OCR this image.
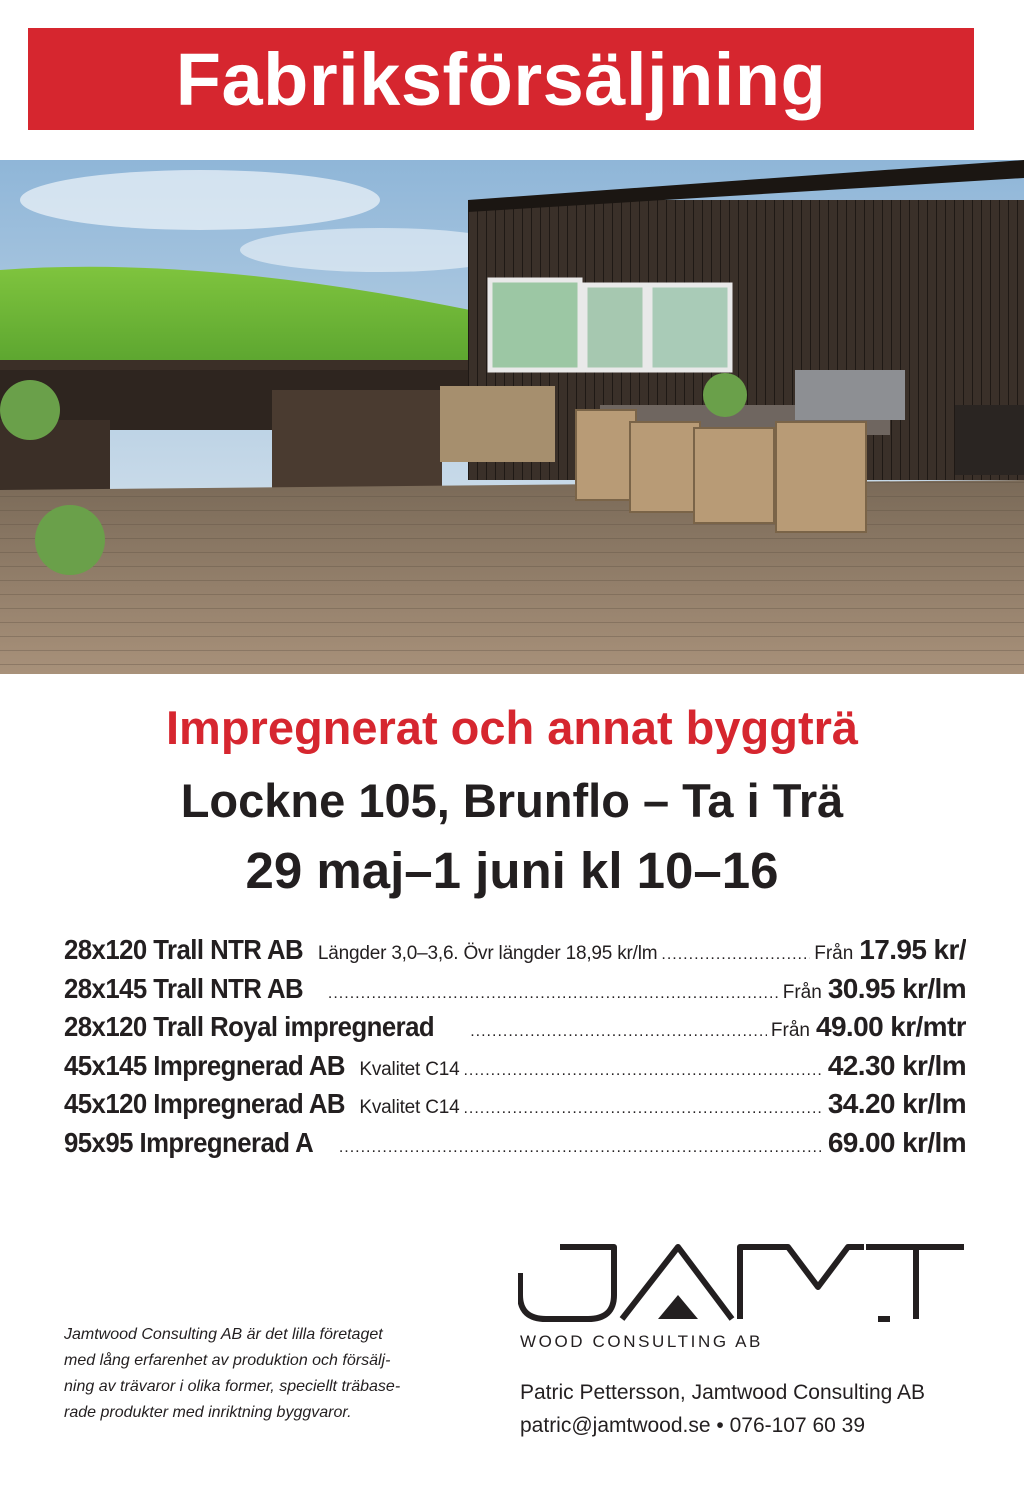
Fabriksförsäljning
Impregnerat och annat byggträ
Lockne 105, Brunflo – Ta i Trä
29 maj–1 juni kl 10–16
28x120 Trall NTR AB Längder 3,0–3,6. Övr längder 18,95 kr/lm .....	Från 17.95 kr/
28x145 Trall NTR AB .....	Från 30.95 kr/lm
28x120 Trall Royal impregnerad .....	Från 49.00 kr/mtr
45x145 Impregnerad AB Kvalitet C14 .....	42.30 kr/lm
45x120 Impregnerad AB Kvalitet C14 .....	34.20 kr/lm
95x95 Impregnerad A .....	69.00 kr/lm
WOOD CONSULTING AB
Patric Pettersson, Jamtwood Consulting AB
patric@jamtwood.se • 076-107 60 39
Jamtwood Consulting AB är det lilla företaget
med lång erfarenhet av produktion och försälj-
ning av trävaror i olika former, speciellt träbase-
rade produkter med inriktning byggvaror.
